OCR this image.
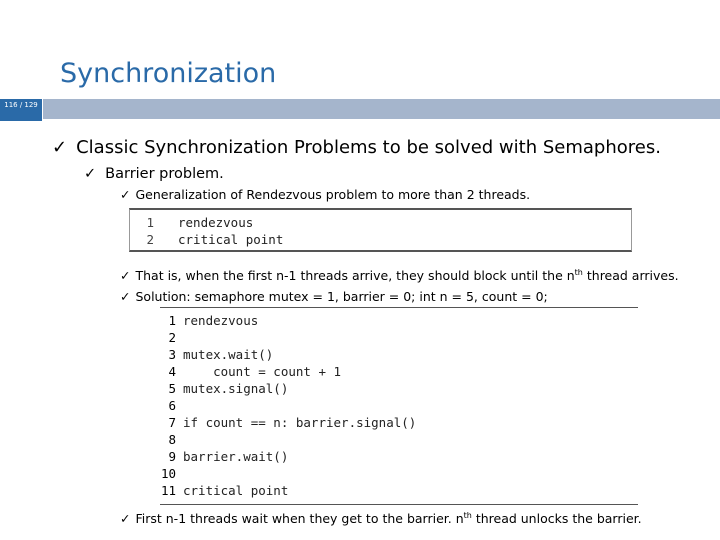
Synchronization
116 / 129
✓ Classic Synchronization Problems to be solved with Semaphores.
✓ Barrier problem.
✓ Generalization of Rendezvous problem to more than 2 threads.
1 rendezvous
2 critical point
✓ That is, when the first n-1 threads arrive, they should block until the $n^{th}$ thread arrives.
✓ Solution: semaphore mutex = 1, barrier = 0; int n = 5, count = 0;
1 rendezvous
2
3 mutex.wait()
4 count = count + 1
5 mutex.signal()
6
7 if count == n: barrier.signal()
8
9 barrier.wait()
10
11 critical point
✓ First n-1 threads wait when they get to the barrier. $n^{th}$ thread unlocks the barrier.
